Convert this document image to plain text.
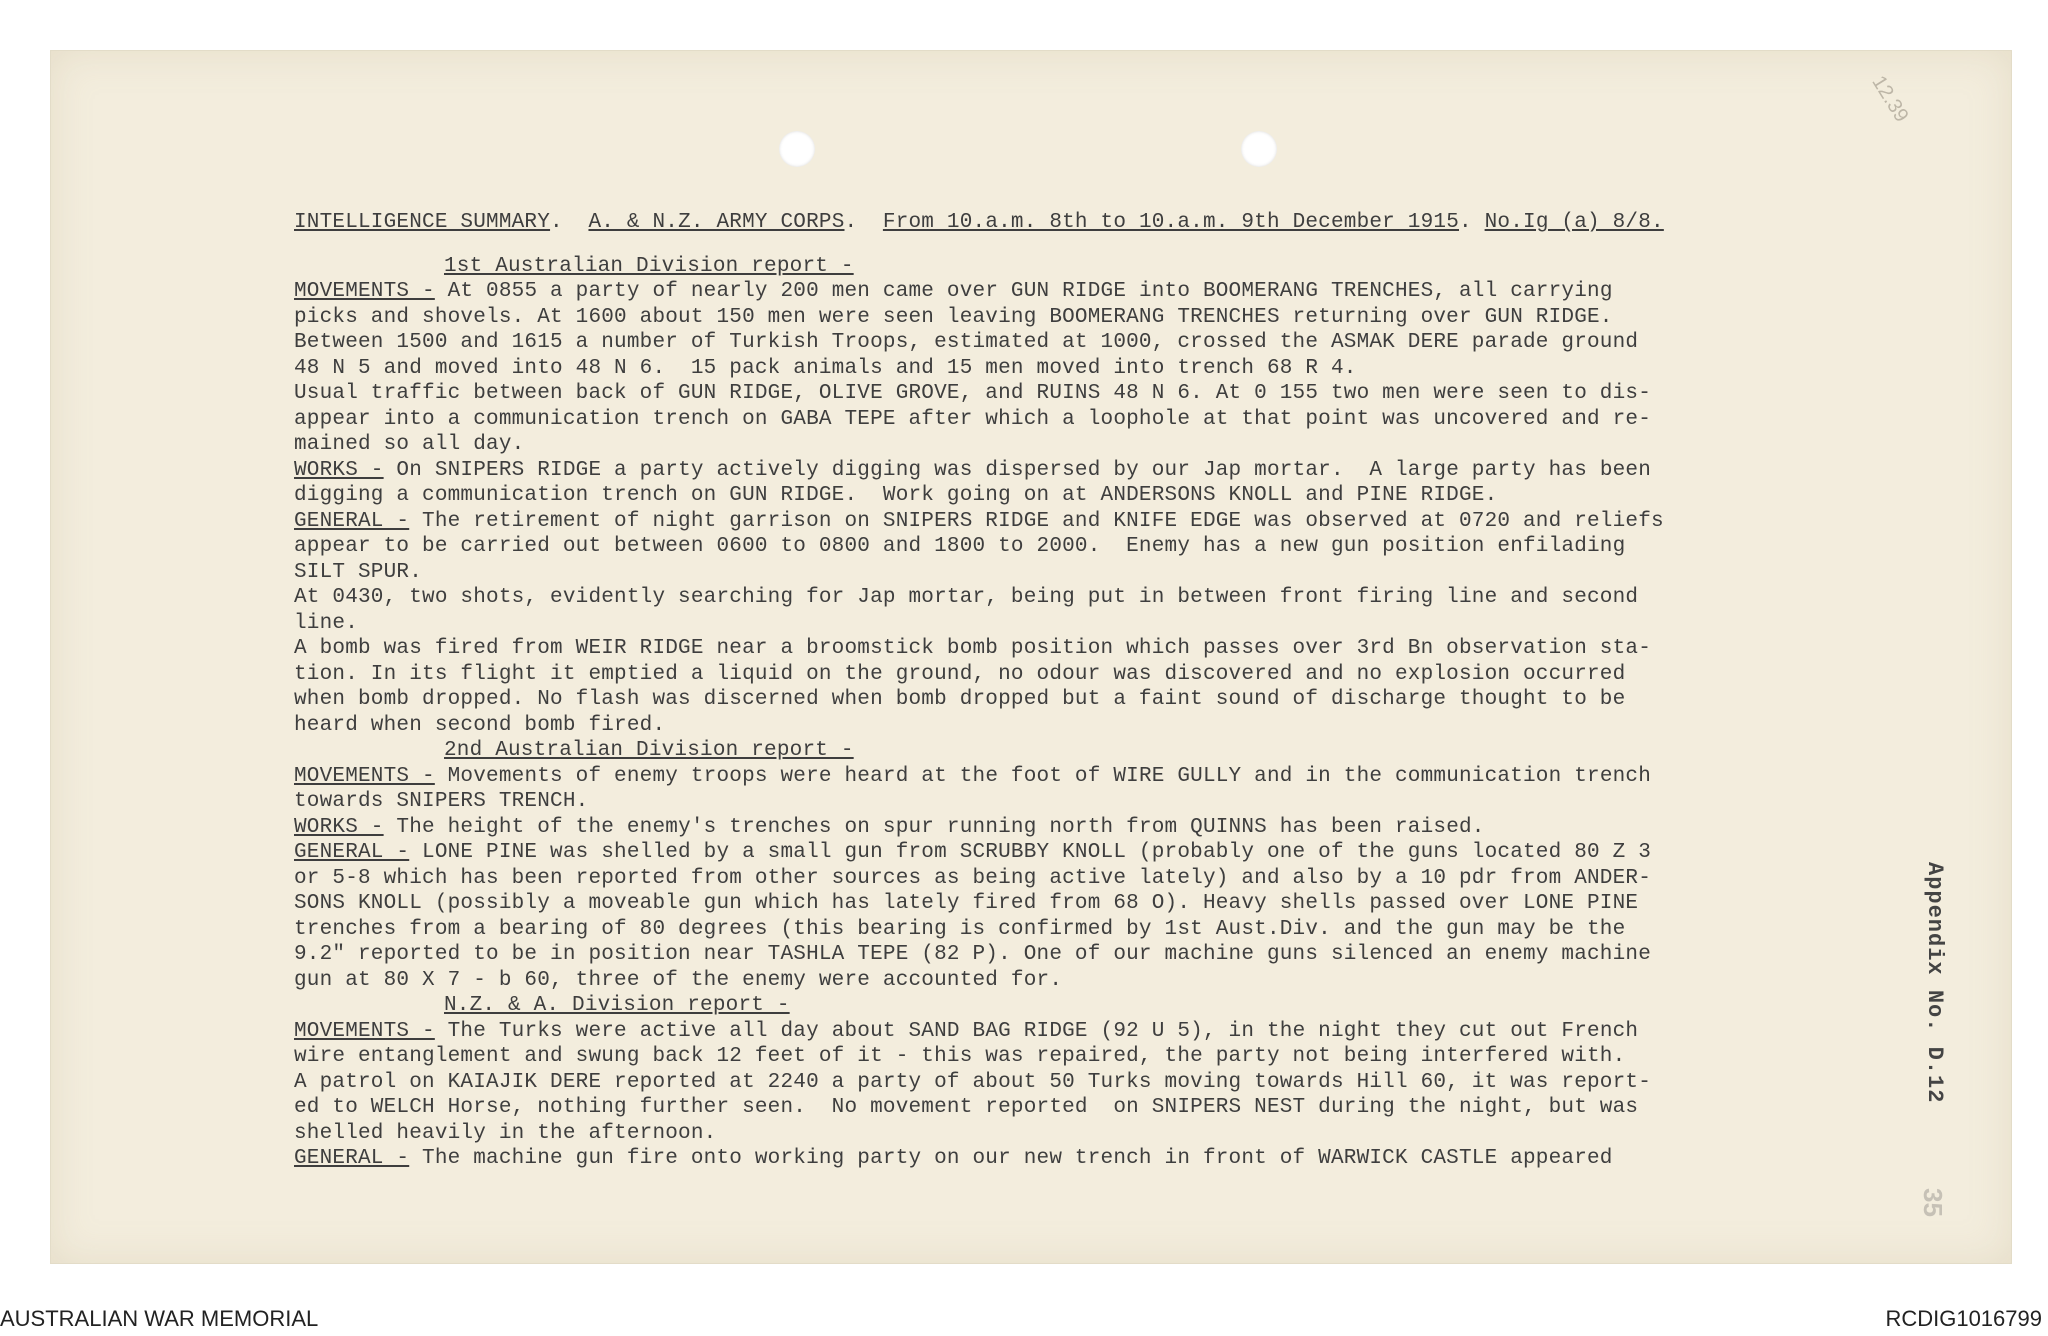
12.39
INTELLIGENCE SUMMARY.  A. & N.Z. ARMY CORPS.  From 10.a.m. 8th to 10.a.m. 9th December 1915. No.Ig (a) 8/8.
1st Australian Division report -
MOVEMENTS - At 0855 a party of nearly 200 men came over GUN RIDGE into BOOMERANG TRENCHES, all carrying
picks and shovels. At 1600 about 150 men were seen leaving BOOMERANG TRENCHES returning over GUN RIDGE.
Between 1500 and 1615 a number of Turkish Troops, estimated at 1000, crossed the ASMAK DERE parade ground
48 N 5 and moved into 48 N 6.  15 pack animals and 15 men moved into trench 68 R 4.
Usual traffic between back of GUN RIDGE, OLIVE GROVE, and RUINS 48 N 6. At 0 155 two men were seen to dis-
appear into a communication trench on GABA TEPE after which a loophole at that point was uncovered and re-
mained so all day.
WORKS - On SNIPERS RIDGE a party actively digging was dispersed by our Jap mortar.  A large party has been
digging a communication trench on GUN RIDGE.  Work going on at ANDERSONS KNOLL and PINE RIDGE.
GENERAL - The retirement of night garrison on SNIPERS RIDGE and KNIFE EDGE was observed at 0720 and reliefs
appear to be carried out between 0600 to 0800 and 1800 to 2000.  Enemy has a new gun position enfilading
SILT SPUR.
At 0430, two shots, evidently searching for Jap mortar, being put in between front firing line and second
line.
A bomb was fired from WEIR RIDGE near a broomstick bomb position which passes over 3rd Bn observation sta-
tion. In its flight it emptied a liquid on the ground, no odour was discovered and no explosion occurred
when bomb dropped. No flash was discerned when bomb dropped but a faint sound of discharge thought to be
heard when second bomb fired.
2nd Australian Division report -
MOVEMENTS - Movements of enemy troops were heard at the foot of WIRE GULLY and in the communication trench
towards SNIPERS TRENCH.
WORKS - The height of the enemy's trenches on spur running north from QUINNS has been raised.
GENERAL - LONE PINE was shelled by a small gun from SCRUBBY KNOLL (probably one of the guns located 80 Z 3
or 5-8 which has been reported from other sources as being active lately) and also by a 10 pdr from ANDER-
SONS KNOLL (possibly a moveable gun which has lately fired from 68 O). Heavy shells passed over LONE PINE
trenches from a bearing of 80 degrees (this bearing is confirmed by 1st Aust.Div. and the gun may be the
9.2" reported to be in position near TASHLA TEPE (82 P). One of our machine guns silenced an enemy machine
gun at 80 X 7 - b 60, three of the enemy were accounted for.
N.Z. & A. Division report -
MOVEMENTS - The Turks were active all day about SAND BAG RIDGE (92 U 5), in the night they cut out French
wire entanglement and swung back 12 feet of it - this was repaired, the party not being interfered with.
A patrol on KAIAJIK DERE reported at 2240 a party of about 50 Turks moving towards Hill 60, it was report-
ed to WELCH Horse, nothing further seen.  No movement reported  on SNIPERS NEST during the night, but was
shelled heavily in the afternoon.
GENERAL - The machine gun fire onto working party on our new trench in front of WARWICK CASTLE appeared
Appendix No. D.12
35
AUSTRALIAN WAR MEMORIAL	RCDIG1016799
